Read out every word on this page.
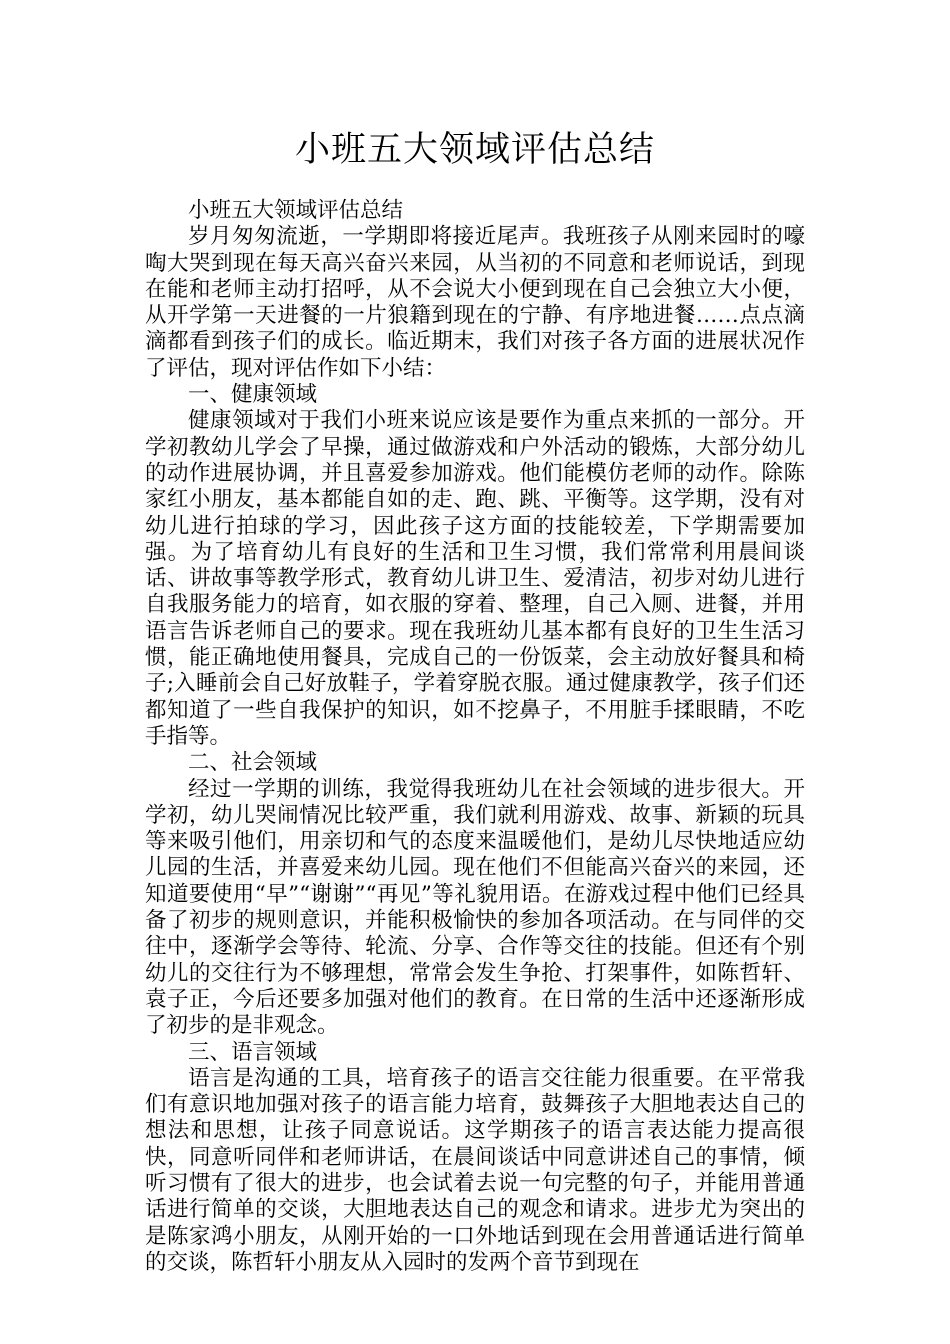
小班五大领域评估总结

小班五大领域评估总结

岁月匆匆流逝，一学期即将接近尾声。我班孩子从刚来园时的嚎啕大哭到现在每天高兴奋兴来园，从当初的不同意和老师说话，到现在能和老师主动打招呼，从不会说大小便到现在自己会独立大小便，从开学第一天进餐的一片狼籍到现在的宁静、有序地进餐……点点滴滴都看到孩子们的成长。临近期末，我们对孩子各方面的进展状况作了评估，现对评估作如下小结：

一、健康领域

健康领域对于我们小班来说应该是要作为重点来抓的一部分。开学初教幼儿学会了早操，通过做游戏和户外活动的锻炼，大部分幼儿的动作进展协调，并且喜爱参加游戏。他们能模仿老师的动作。除陈家红小朋友，基本都能自如的走、跑、跳、平衡等。这学期，没有对幼儿进行拍球的学习，因此孩子这方面的技能较差，下学期需要加强。为了培育幼儿有良好的生活和卫生习惯，我们常常利用晨间谈话、讲故事等教学形式，教育幼儿讲卫生、爱清洁，初步对幼儿进行自我服务能力的培育，如衣服的穿着、整理，自己入厕、进餐，并用语言告诉老师自己的要求。现在我班幼儿基本都有良好的卫生生活习惯，能正确地使用餐具，完成自己的一份饭菜，会主动放好餐具和椅子;入睡前会自己好放鞋子，学着穿脱衣服。通过健康教学，孩子们还都知道了一些自我保护的知识，如不挖鼻子，不用脏手揉眼睛，不吃手指等。

二、社会领域

经过一学期的训练，我觉得我班幼儿在社会领域的进步很大。开学初，幼儿哭闹情况比较严重，我们就利用游戏、故事、新颖的玩具等来吸引他们，用亲切和气的态度来温暖他们，是幼儿尽快地适应幼儿园的生活，并喜爱来幼儿园。现在他们不但能高兴奋兴的来园，还知道要使用“早”“谢谢”“再见”等礼貌用语。在游戏过程中他们已经具备了初步的规则意识，并能积极愉快的参加各项活动。在与同伴的交往中，逐渐学会等待、轮流、分享、合作等交往的技能。但还有个别幼儿的交往行为不够理想，常常会发生争抢、打架事件，如陈哲轩、袁子正，今后还要多加强对他们的教育。在日常的生活中还逐渐形成了初步的是非观念。

三、语言领域

语言是沟通的工具，培育孩子的语言交往能力很重要。在平常我们有意识地加强对孩子的语言能力培育，鼓舞孩子大胆地表达自己的想法和思想，让孩子同意说话。这学期孩子的语言表达能力提高很快，同意听同伴和老师讲话，在晨间谈话中同意讲述自己的事情，倾听习惯有了很大的进步，也会试着去说一句完整的句子，并能用普通话进行简单的交谈，大胆地表达自己的观念和请求。进步尤为突出的是陈家鸿小朋友，从刚开始的一口外地话到现在会用普通话进行简单的交谈，陈哲轩小朋友从入园时的发两个音节到现在
